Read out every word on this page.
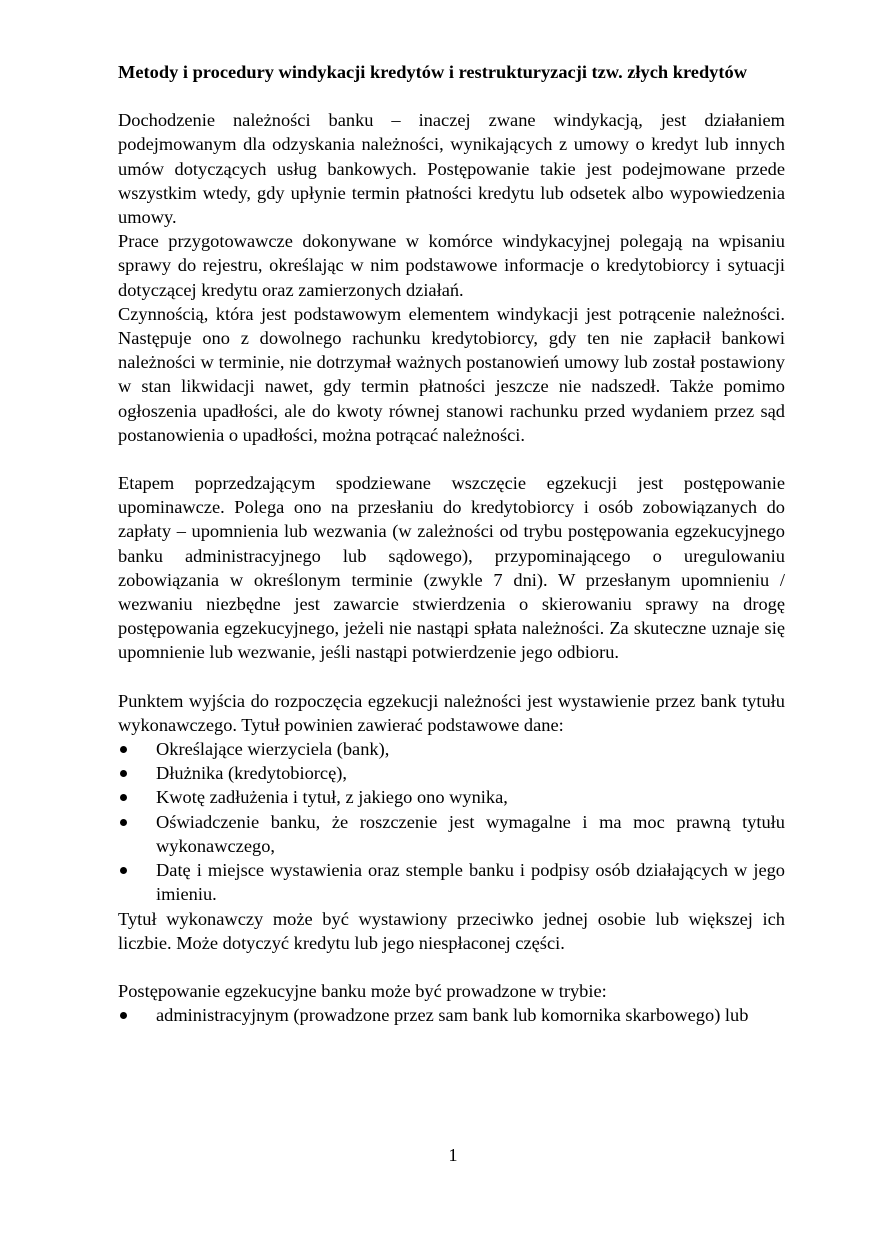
Metody i procedury windykacji kredytów i restrukturyzacji tzw. złych kredytów

Dochodzenie należności banku – inaczej zwane windykacją, jest działaniem podejmowanym dla odzyskania należności, wynikających z umowy o kredyt lub innych umów dotyczących usług bankowych. Postępowanie takie jest podejmowane przede wszystkim wtedy, gdy upłynie termin płatności kredytu lub odsetek albo wypowiedzenia umowy.

Prace przygotowawcze dokonywane w komórce windykacyjnej polegają na wpisaniu sprawy do rejestru, określając w nim podstawowe informacje o kredytobiorcy i sytuacji dotyczącej kredytu oraz zamierzonych działań.

Czynnością, która jest podstawowym elementem windykacji jest potrącenie należności. Następuje ono z dowolnego rachunku kredytobiorcy, gdy ten nie zapłacił bankowi należności w terminie, nie dotrzymał ważnych postanowień umowy lub został postawiony w stan likwidacji nawet, gdy termin płatności jeszcze nie nadszedł. Także pomimo ogłoszenia upadłości, ale do kwoty równej stanowi rachunku przed wydaniem przez sąd postanowienia o upadłości, można potrącać należności.

Etapem poprzedzającym spodziewane wszczęcie egzekucji jest postępowanie upominawcze. Polega ono na przesłaniu do kredytobiorcy i osób zobowiązanych do zapłaty – upomnienia lub wezwania (w zależności od trybu postępowania egzekucyjnego banku administracyjnego lub sądowego), przypominającego o uregulowaniu zobowiązania w określonym terminie (zwykle 7 dni). W przesłanym upomnieniu / wezwaniu niezbędne jest zawarcie stwierdzenia o skierowaniu sprawy na drogę postępowania egzekucyjnego, jeżeli nie nastąpi spłata należności. Za skuteczne uznaje się upomnienie lub wezwanie, jeśli nastąpi potwierdzenie jego odbioru.

Punktem wyjścia do rozpoczęcia egzekucji należności jest wystawienie przez bank tytułu wykonawczego. Tytuł powinien zawierać podstawowe dane:

Określające wierzyciela (bank),
Dłużnika (kredytobiorcę),
Kwotę zadłużenia i tytuł, z jakiego ono wynika,
Oświadczenie banku, że roszczenie jest wymagalne i ma moc prawną tytułu wykonawczego,
Datę i miejsce wystawienia oraz stemple banku i podpisy osób działających w jego imieniu.

Tytuł wykonawczy może być wystawiony przeciwko jednej osobie lub większej ich liczbie. Może dotyczyć kredytu lub jego niespłaconej części.

Postępowanie egzekucyjne banku może być prowadzone w trybie:

administracyjnym (prowadzone przez sam bank lub komornika skarbowego) lub
1
